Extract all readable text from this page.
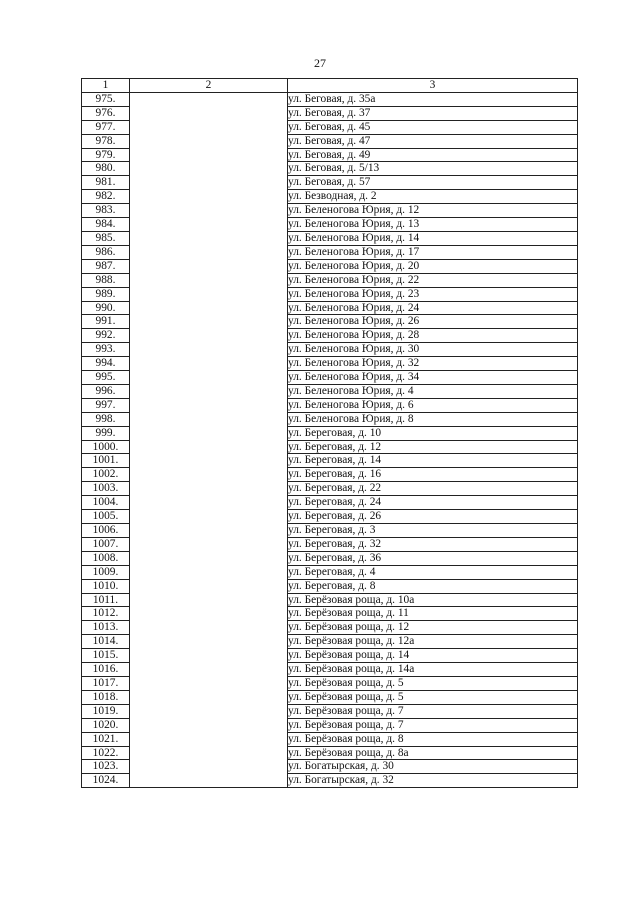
27
1	2	3
975.		ул. Беговая, д. 35а
976.		ул. Беговая, д. 37
977.		ул. Беговая, д. 45
978.		ул. Беговая, д. 47
979.		ул. Беговая, д. 49
980.		ул. Беговая, д. 5/13
981.		ул. Беговая, д. 57
982.		ул. Безводная, д. 2
983.		ул. Беленогова Юрия, д. 12
984.		ул. Беленогова Юрия, д. 13
985.		ул. Беленогова Юрия, д. 14
986.		ул. Беленогова Юрия, д. 17
987.		ул. Беленогова Юрия, д. 20
988.		ул. Беленогова Юрия, д. 22
989.		ул. Беленогова Юрия, д. 23
990.		ул. Беленогова Юрия, д. 24
991.		ул. Беленогова Юрия, д. 26
992.		ул. Беленогова Юрия, д. 28
993.		ул. Беленогова Юрия, д. 30
994.		ул. Беленогова Юрия, д. 32
995.		ул. Беленогова Юрия, д. 34
996.		ул. Беленогова Юрия, д. 4
997.		ул. Беленогова Юрия, д. 6
998.		ул. Беленогова Юрия, д. 8
999.		ул. Береговая, д. 10
1000.		ул. Береговая, д. 12
1001.		ул. Береговая, д. 14
1002.		ул. Береговая, д. 16
1003.		ул. Береговая, д. 22
1004.		ул. Береговая, д. 24
1005.		ул. Береговая, д. 26
1006.		ул. Береговая, д. 3
1007.		ул. Береговая, д. 32
1008.		ул. Береговая, д. 36
1009.		ул. Береговая, д. 4
1010.		ул. Береговая, д. 8
1011.		ул. Берёзовая роща, д. 10а
1012.		ул. Берёзовая роща, д. 11
1013.		ул. Берёзовая роща, д. 12
1014.		ул. Берёзовая роща, д. 12а
1015.		ул. Берёзовая роща, д. 14
1016.		ул. Берёзовая роща, д. 14а
1017.		ул. Берёзовая роща, д. 5
1018.		ул. Берёзовая роща, д. 5
1019.		ул. Берёзовая роща, д. 7
1020.		ул. Берёзовая роща, д. 7
1021.		ул. Берёзовая роща, д. 8
1022.		ул. Берёзовая роща, д. 8а
1023.		ул. Богатырская, д. 30
1024.		ул. Богатырская, д. 32
